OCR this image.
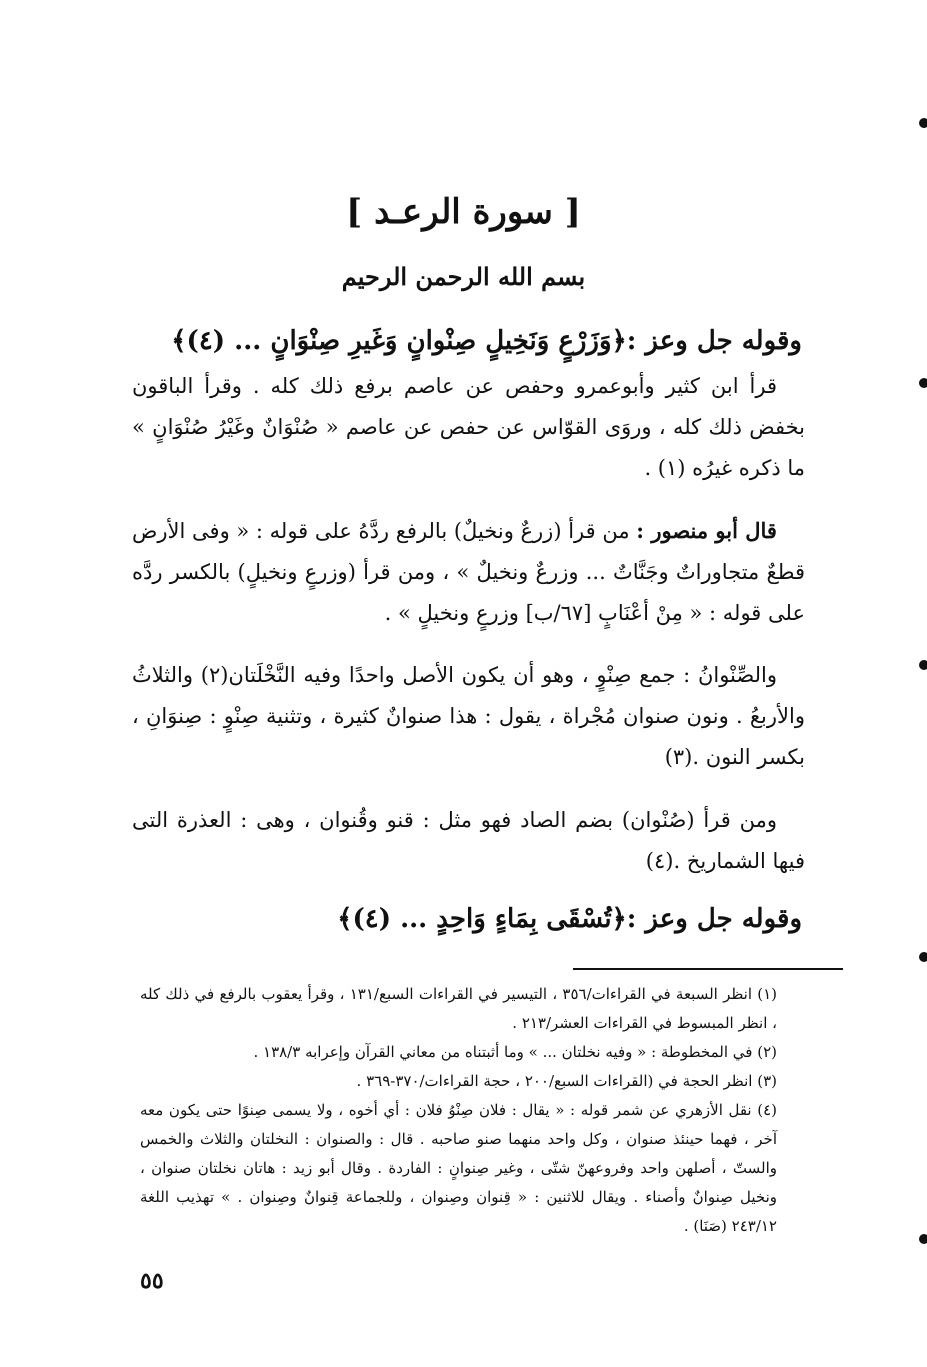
[ سورة الرعـد ]
بسم الله الرحمن الرحيم
وقوله جل وعز :﴿وَزَرْعٍ وَنَخِيلٍ صِنْوانٍ وَغَيرِ صِنْوَانٍ ... (٤)﴾

قرأ ابن كثير وأبوعمرو وحفص عن عاصم برفع ذلك كله . وقرأ الباقون بخفض ذلك كله ، وروَى القوّاس عن حفص عن عاصم « صُنْوَانٌ وغَيْرُ صُنْوَانٍ » ما ذكره غيرُه (١) .

قال أبو منصور : من قرأ (زرعٌ ونخيلٌ) بالرفع ردَّهُ على قوله : « وفى الأرض قطعٌ متجاوراتٌ وجَنَّاتٌ ... وزرعٌ ونخيلٌ » ، ومن قرأ (وزرعٍ ونخيلٍ) بالكسر ردَّه على قوله : « مِنْ أعْنَابٍ [٦٧/ب] وزرعٍ ونخيلٍ » .

والصِّنْوانُ : جمع صِنْوٍ ، وهو أن يكون الأصل واحدًا وفيه النَّخْلَتان(٢) والثلاثُ والأربعُ . ونون صنوان مُجْراة ، يقول : هذا صنوانٌ كثيرة ، وتثنية صِنْوٍ : صِنوَانِ ، بكسر النون .(٣)

ومن قرأ (صُنْوان) بضم الصاد فهو مثل : قنو وقُنوان ، وهى : العذرة التى فيها الشماريخ .(٤)

وقوله جل وعز :﴿تُسْقَى بِمَاءٍ وَاحِدٍ ... (٤)﴾

(١) انظر السبعة في القراءات/٣٥٦ ، التيسير في القراءات السبع/١٣١ ، وقرأ يعقوب بالرفع في ذلك كله ، انظر المبسوط في القراءات العشر/٢١٣ .

(٢) في المخطوطة : « وفيه نخلتان ... » وما أثبتناه من معاني القرآن وإعرابه ١٣٨/٣ .

(٣) انظر الحجة في (القراءات السبع/٢٠٠ ، حجة القراءات/٣٧٠-٣٦٩ .

(٤) نقل الأزهري عن شمر قوله : « يقال : فلان صِنْوُ فلان : أي أخوه ، ولا يسمى صِنوًا حتى يكون معه آخر ، فهما حينئذ صنوان ، وكل واحد منهما صنو صاحبه . قال : والصنوان : النخلتان والثلاث والخمس والستّ ، أصلهن واحد وفروعهنّ شتّى ، وغير صِنوانٍ : الفاردة . وقال أبو زيد : هاتان نخلتان صنوان ، ونخيل صِنوانٌ وأصناء . ويقال للاثنين : « قِنوان وصِنوان ، وللجماعة قِنوانٌ وصِنوان . » تهذيب اللغة ٢٤٣/١٢ (صَنَا) .

٥٥
